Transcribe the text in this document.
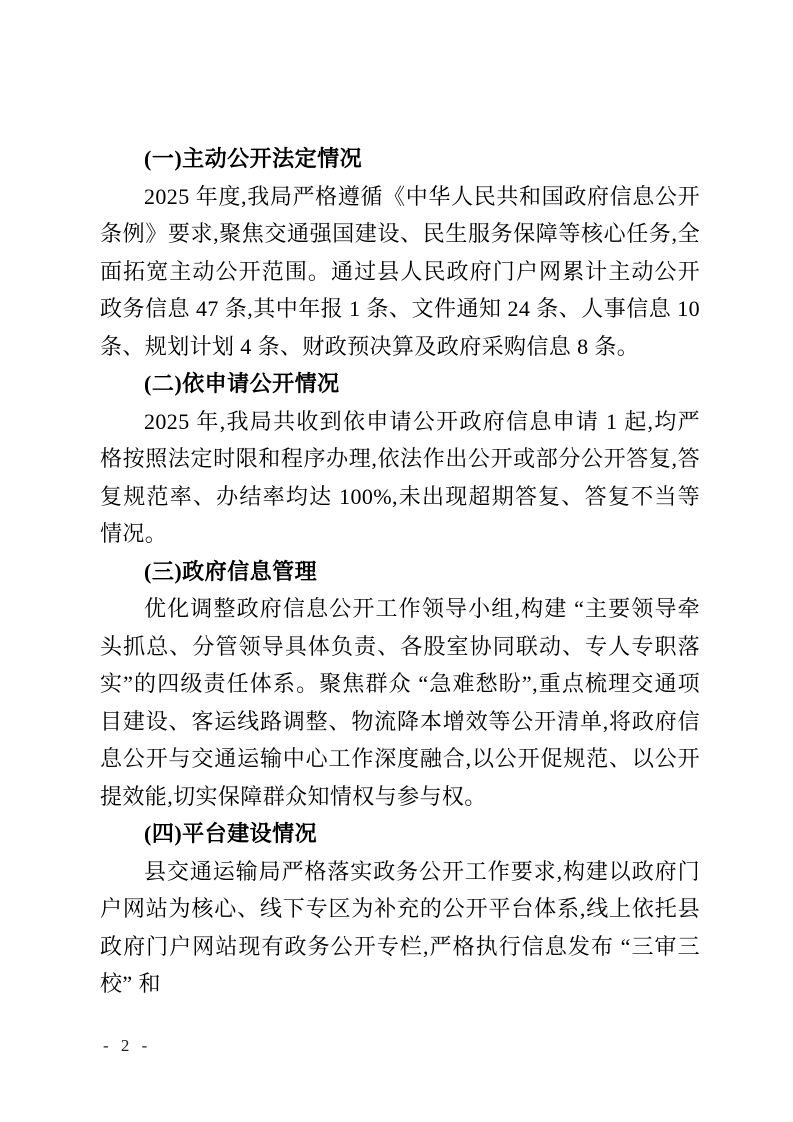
(一)主动公开法定情况

2025 年度,我局严格遵循《中华人民共和国政府信息公开条例》要求,聚焦交通强国建设、民生服务保障等核心任务,全面拓宽主动公开范围。通过县人民政府门户网累计主动公开政务信息 47 条,其中年报 1 条、文件通知 24 条、人事信息 10 条、规划计划 4 条、财政预决算及政府采购信息 8 条。

(二)依申请公开情况

2025 年,我局共收到依申请公开政府信息申请 1 起,均严格按照法定时限和程序办理,依法作出公开或部分公开答复,答复规范率、办结率均达 100%,未出现超期答复、答复不当等情况。

(三)政府信息管理

优化调整政府信息公开工作领导小组,构建 “主要领导牵头抓总、分管领导具体负责、各股室协同联动、专人专职落实”的四级责任体系。聚焦群众 “急难愁盼”,重点梳理交通项目建设、客运线路调整、物流降本增效等公开清单,将政府信息公开与交通运输中心工作深度融合,以公开促规范、以公开提效能,切实保障群众知情权与参与权。

(四)平台建设情况

县交通运输局严格落实政务公开工作要求,构建以政府门户网站为核心、线下专区为补充的公开平台体系,线上依托县政府门户网站现有政务公开专栏,严格执行信息发布 “三审三校” 和

- 2 -
